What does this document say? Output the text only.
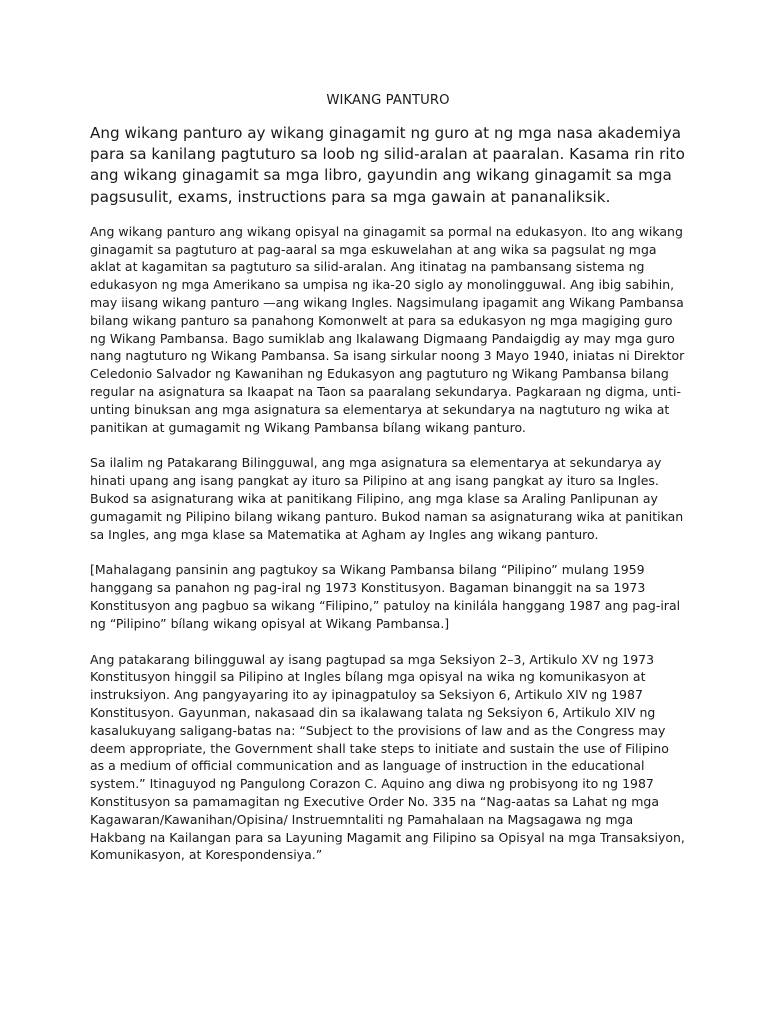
WIKANG PANTURO

Ang wikang panturo ay wikang ginagamit ng guro at ng mga nasa akademiya para sa kanilang pagtuturo sa loob ng silid-aralan at paaralan. Kasama rin rito ang wikang ginagamit sa mga libro, gayundin ang wikang ginagamit sa mga pagsusulit, exams, instructions para sa mga gawain at pananaliksik.

Ang wikang panturo ang wikang opisyal na ginagamit sa pormal na edukasyon. Ito ang wikang ginagamit sa pagtuturo at pag-aaral sa mga eskuwelahan at ang wika sa pagsulat ng mga aklat at kagamitan sa pagtuturo sa silid-aralan. Ang itinatag na pambansang sistema ng edukasyon ng mga Amerikano sa umpisa ng ika-20 siglo ay monolingguwal. Ang ibig sabihin, may iisang wikang panturo —ang wikang Ingles. Nagsimulang ipagamit ang Wikang Pambansa bilang wikang panturo sa panahong Komonwelt at para sa edukasyon ng mga magiging guro ng Wikang Pambansa. Bago sumiklab ang Ikalawang Digmaang Pandaigdig ay may mga guro nang nagtuturo ng Wikang Pambansa. Sa isang sirkular noong 3 Mayo 1940, iniatas ni Direktor Celedonio Salvador ng Kawanihan ng Edukasyon ang pagtuturo ng Wikang Pambansa bilang regular na asignatura sa Ikaapat na Taon sa paaralang sekundarya. Pagkaraan ng digma, unti-unting binuksan ang mga asignatura sa elementarya at sekundarya na nagtuturo ng wika at panitikan at gumagamit ng Wikang Pambansa bílang wikang panturo.

Sa ilalim ng Patakarang Bilingguwal, ang mga asignatura sa elementarya at sekundarya ay hinati upang ang isang pangkat ay ituro sa Pilipino at ang isang pangkat ay ituro sa Ingles. Bukod sa asignaturang wika at panitikang Filipino, ang mga klase sa Araling Panlipunan ay gumagamit ng Pilipino bilang wikang panturo. Bukod naman sa asignaturang wika at panitikan sa Ingles, ang mga klase sa Matematika at Agham ay Ingles ang wikang panturo.

[Mahalagang pansinin ang pagtukoy sa Wikang Pambansa bilang “Pilipino” mulang 1959 hanggang sa panahon ng pag-iral ng 1973 Konstitusyon. Bagaman binanggit na sa 1973 Konstitusyon ang pagbuo sa wikang “Filipino,” patuloy na kinilála hanggang 1987 ang pag-iral ng “Pilipino” bílang wikang opisyal at Wikang Pambansa.]

Ang patakarang bilingguwal ay isang pagtupad sa mga Seksiyon 2–3, Artikulo XV ng 1973 Konstitusyon hinggil sa Pilipino at Ingles bílang mga opisyal na wika ng komunikasyon at instruksiyon. Ang pangyayaring ito ay ipinagpatuloy sa Seksiyon 6, Artikulo XIV ng 1987 Konstitusyon. Gayunman, nakasaad din sa ikalawang talata ng Seksiyon 6, Artikulo XIV ng kasalukuyang saligang-batas na: “Subject to the provisions of law and as the Congress may deem appropriate, the Government shall take steps to initiate and sustain the use of Filipino as a medium of official communication and as language of instruction in the educational system.” Itinaguyod ng Pangulong Corazon C. Aquino ang diwa ng probisyong ito ng 1987 Konstitusyon sa pamamagitan ng Executive Order No. 335 na “Nag-aatas sa Lahat ng mga Kagawaran/Kawanihan/Opisina/ Instruemntaliti ng Pamahalaan na Magsagawa ng mga Hakbang na Kailangan para sa Layuning Magamit ang Filipino sa Opisyal na mga Transaksiyon, Komunikasyon, at Korespondensiya.”
